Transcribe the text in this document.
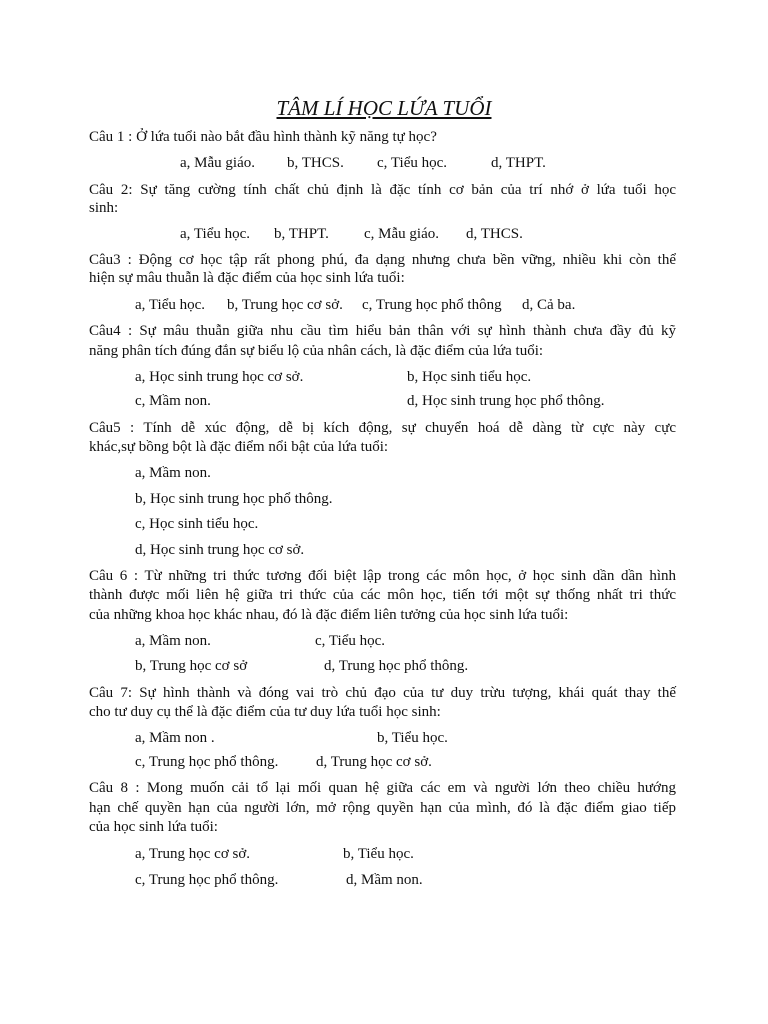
TÂM LÍ HỌC LỨA TUỔI
Câu 1 : Ở lứa tuổi nào bắt đầu hình thành kỹ năng tự học?
a, Mẫu giáo. b, THCS. c, Tiểu học.	d, THPT.
Câu 2: Sự tăng cường tính chất chủ định là đặc tính cơ bản của trí nhớ ở lứa tuổi học
sinh:
a, Tiểu học. b, THPT. c, Mẫu giáo. d, THCS.
Câu3 : Động cơ học tập rất phong phú, đa dạng nhưng chưa bền vững, nhiều khi còn thể
hiện sự mâu thuẫn là đặc điểm của học sinh lứa tuổi:
a, Tiểu học. b, Trung học cơ sở. c, Trung học phổ thông d, Cả ba.
Câu4 : Sự mâu thuẫn giữa nhu cầu tìm hiểu bản thân với sự hình thành chưa đầy đủ kỹ
năng phân tích đúng đắn sự biểu lộ của nhân cách, là đặc điểm của lứa tuổi:
a, Học sinh trung học cơ sở.	b, Học sinh tiểu học.
c, Mầm non.	d, Học sinh trung học phổ thông.
Câu5 : Tính dễ xúc động, dễ bị kích động, sự chuyển hoá dễ dàng từ cực này cực
khác,sự bồng bột là đặc điểm nổi bật của lứa tuổi:
a, Mầm non.
b, Học sinh trung học phổ thông.
c, Học sinh tiểu học.
d, Học sinh trung học cơ sở.
Câu 6 : Từ những tri thức tương đối biệt lập trong các môn học, ở học sinh dần dần hình
thành được mối liên hệ giữa tri thức của các môn học, tiến tới một sự thống nhất tri thức
của những khoa học khác nhau, đó là đặc điểm liên tưởng của học sinh lứa tuổi:
a, Mầm non.	c, Tiểu học.
b, Trung học cơ sở	d, Trung học phổ thông.
Câu 7: Sự hình thành và đóng vai trò chủ đạo của tư duy trừu tượng, khái quát thay thế
cho tư duy cụ thể là đặc điểm của tư duy lứa tuổi học sinh:
a, Mầm non .	b, Tiểu học.
c, Trung học phổ thông.	d, Trung học cơ sở.
Câu 8 : Mong muốn cải tổ lại mối quan hệ giữa các em và người lớn theo chiều hướng
hạn chế quyền hạn của người lớn, mở rộng quyền hạn của mình, đó là đặc điểm giao tiếp
của học sinh lứa tuổi:
a, Trung học cơ sở.	b, Tiểu học.
c, Trung học phổ thông.	d, Mầm non.
